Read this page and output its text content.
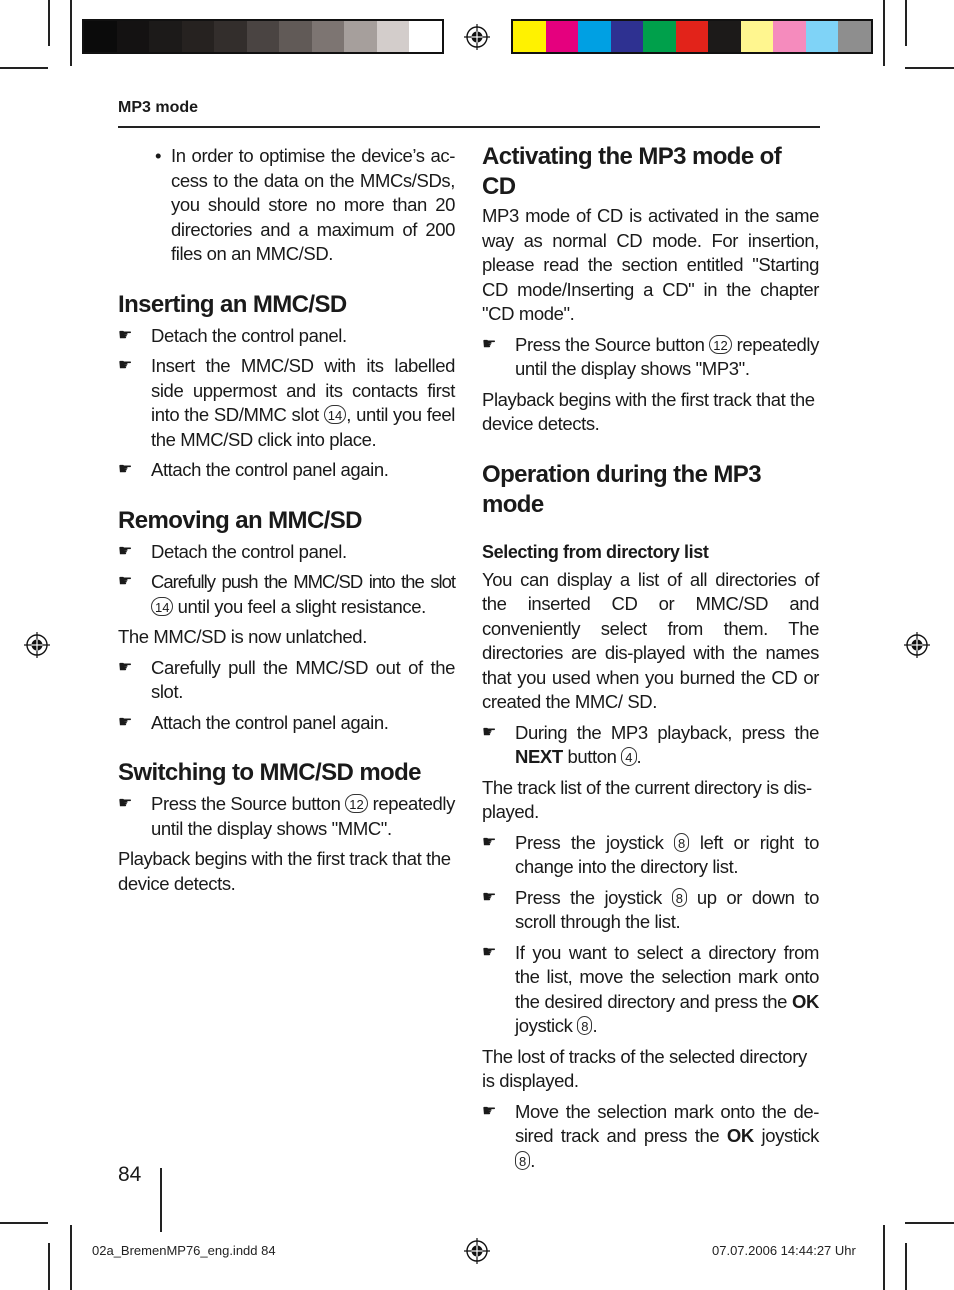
MP3 mode
• In order to optimise the device’s ac-cess to the data on the MMCs/SDs, you should store no more than 20 directories and a maximum of 200 files on an MMC/SD.
Inserting an MMC/SD
☛ Detach the control panel.
☛ Insert the MMC/SD with its labelled side uppermost and its contacts first into the SD/MMC slot 14 , until you feel the MMC/SD click into place.
☛ Attach the control panel again.
Removing an MMC/SD
☛ Detach the control panel.
☛ Carefully push the MMC/SD into the slot 14 until you feel a slight resistance.

The MMC/SD is now unlatched.

☛ Carefully pull the MMC/SD out of the slot.
☛ Attach the control panel again.
Switching to MMC/SD mode
☛ Press the Source button 12 repeatedly until the display shows "MMC".

Playback begins with the first track that the device detects.

Activating the MP3 mode of CD

MP3 mode of CD is activated in the same way as normal CD mode. For insertion, please read the section entitled "Starting CD mode/Inserting a CD" in the chapter "CD mode".

☛ Press the Source button 12 repeatedly until the display shows "MP3".

Playback begins with the first track that the device detects.

Operation during the MP3 mode
Selecting from directory list

You can display a list of all directories of the inserted CD or MMC/SD and conveniently select from them. The directories are dis-played with the names that you used when you burned the CD or created the MMC/ SD.

☛ During the MP3 playback, press the NEXT button 4 .

The track list of the current directory is dis-played.

☛ Press the joystick 8 left or right to change into the directory list.
☛ Press the joystick 8 up or down to scroll through the list.
☛ If you want to select a directory from the list, move the selection mark onto the desired directory and press the OK joystick 8 .

The lost of tracks of the selected directory is displayed.

☛ Move the selection mark onto the de-sired track and press the OK joystick 8 .
84
02a_BremenMP76_eng.indd 84	07.07.2006 14:44:27 Uhr
